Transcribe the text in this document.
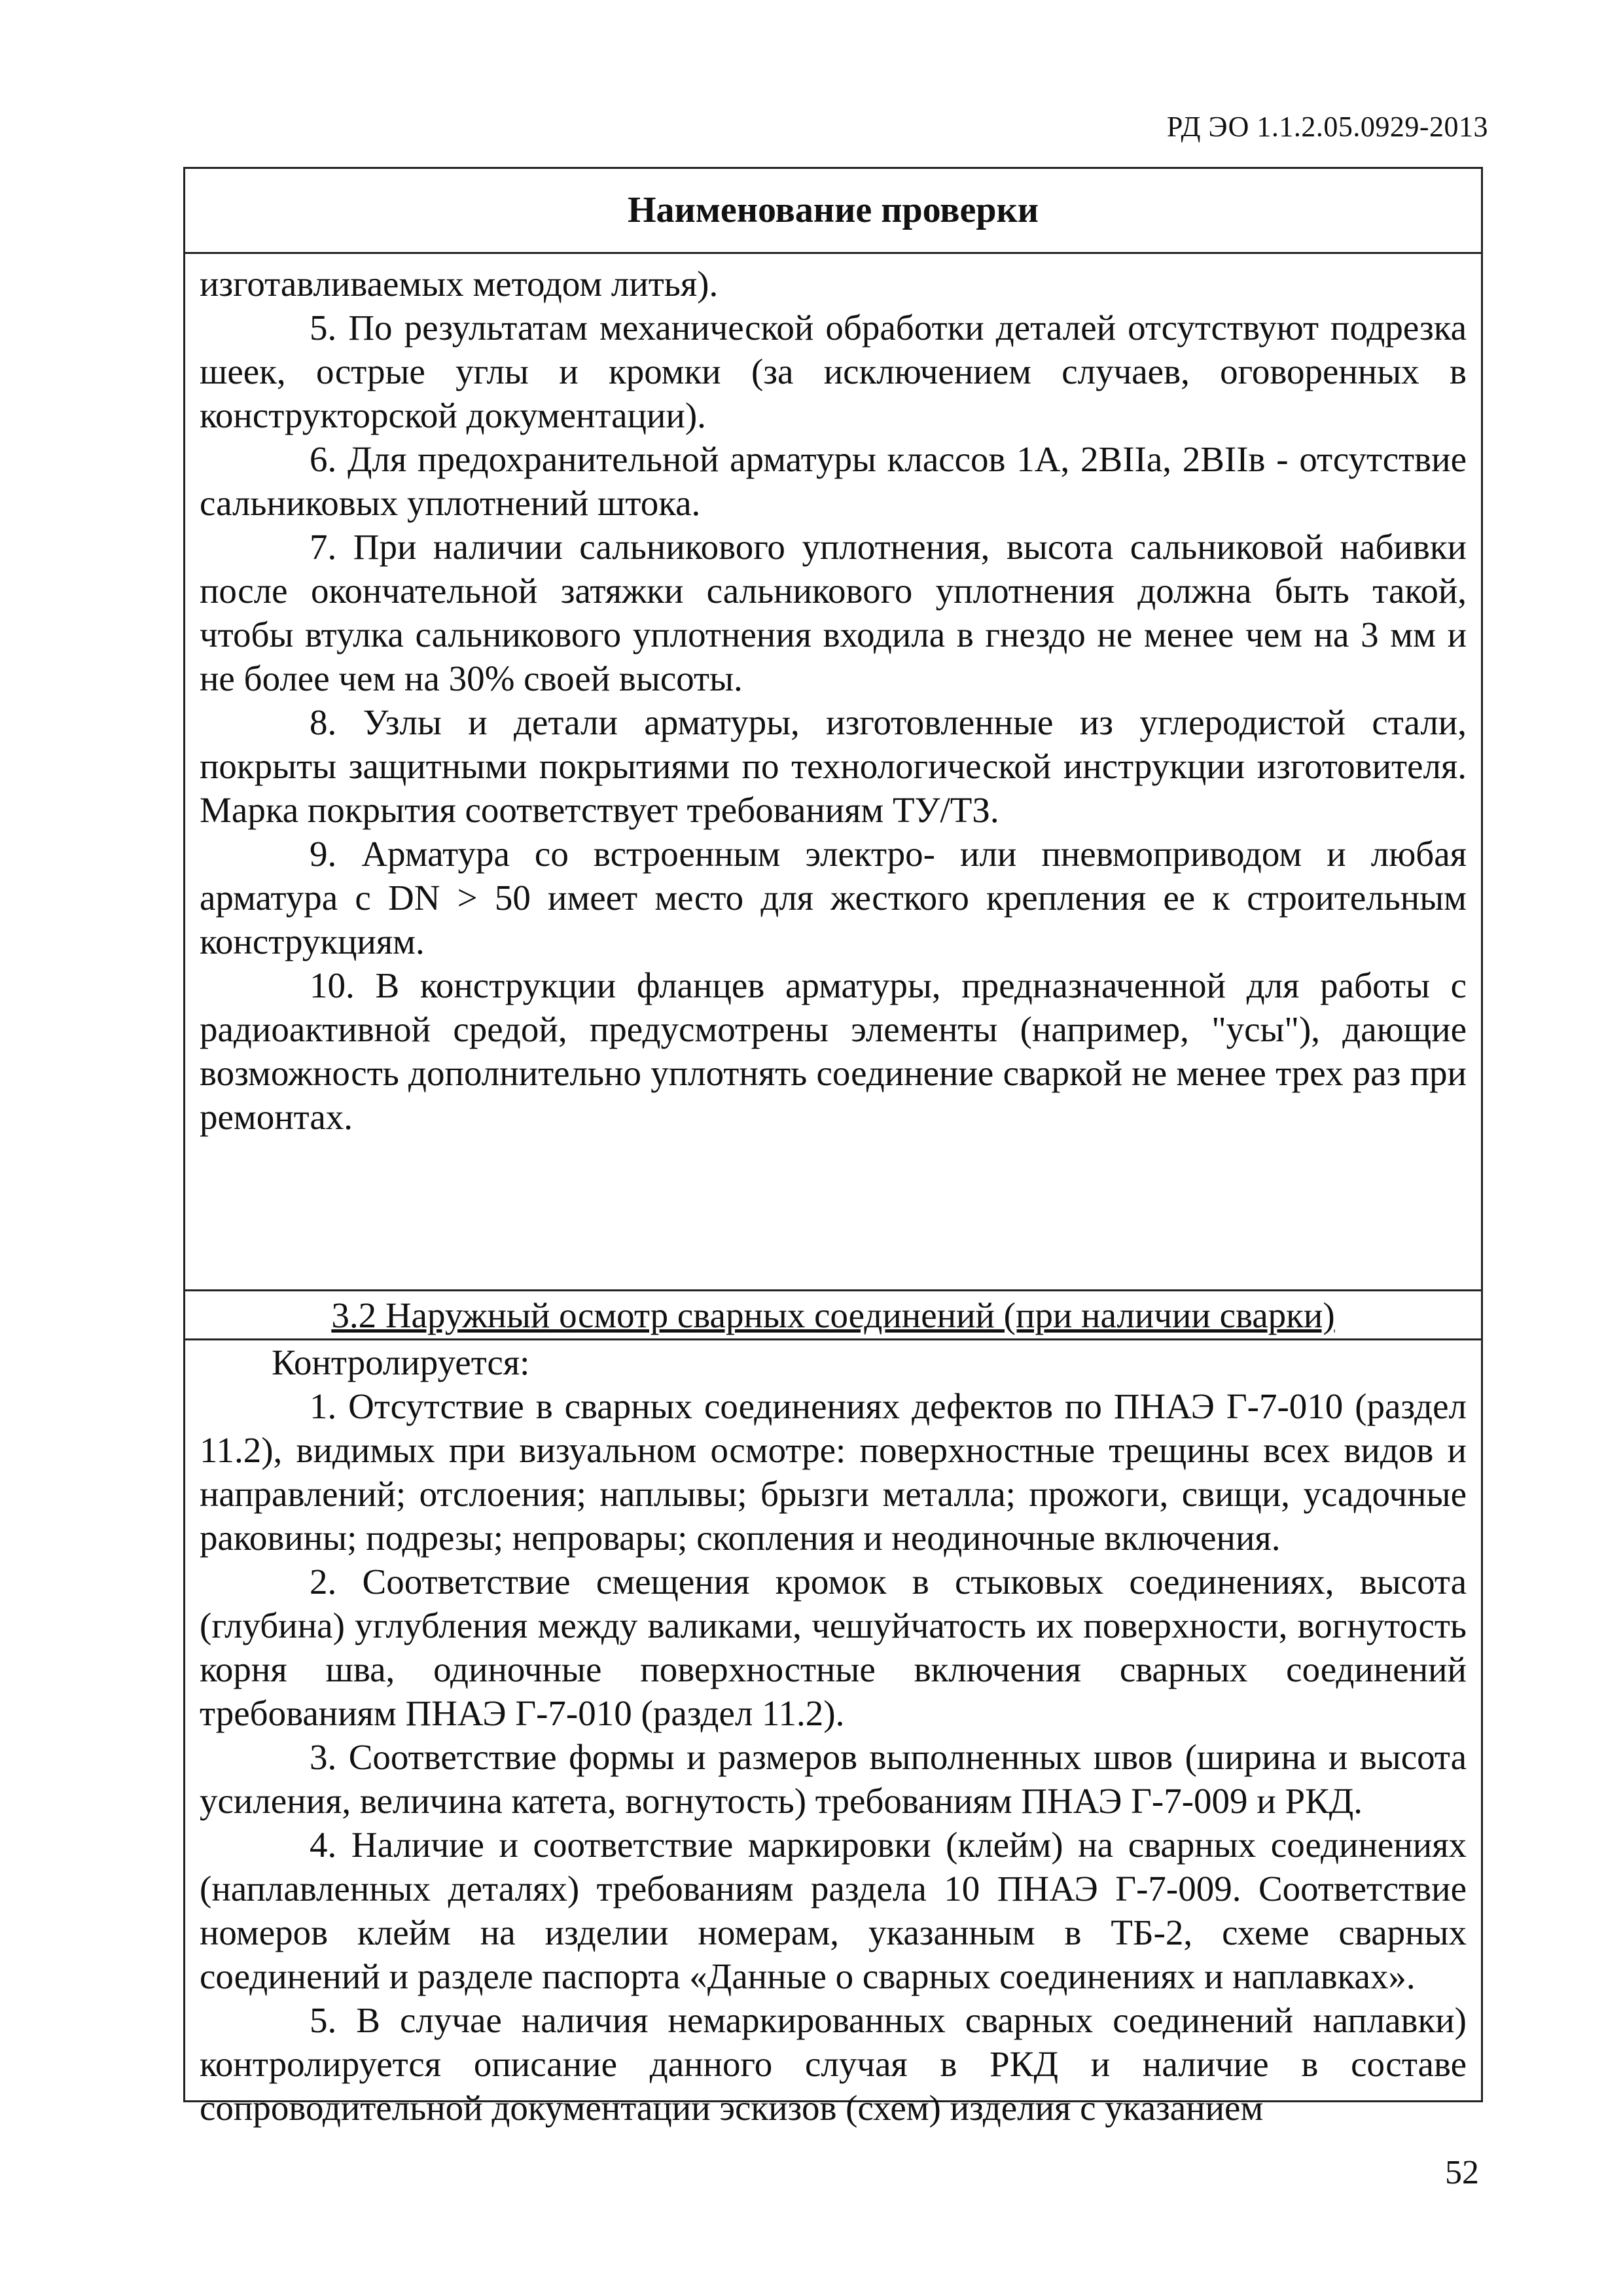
РД ЭО 1.1.2.05.0929-2013
Наименование проверки

изготавливаемых методом литья).

5. По результатам механической обработки деталей отсутствуют подрезка шеек, острые углы и кромки (за исключением случаев, оговоренных в конструкторской документации).

6. Для предохранительной арматуры классов 1А, 2ВIIа, 2ВIIв - отсутствие сальниковых уплотнений штока.

7. При наличии сальникового уплотнения, высота сальниковой набивки после окончательной затяжки сальникового уплотнения должна быть такой, чтобы втулка сальникового уплотнения входила в гнездо не менее чем на 3 мм и не более чем на 30% своей высоты.

8. Узлы и детали арматуры, изготовленные из углеродистой стали, покрыты защитными покрытиями по технологической инструкции изготовителя. Марка покрытия соответствует требованиям ТУ/ТЗ.

9. Арматура со встроенным электро- или пневмоприводом и любая арматура с DN > 50 имеет место для жесткого крепления ее к строительным конструкциям.

10. В конструкции фланцев арматуры, предназначенной для работы с радиоактивной средой, предусмотрены элементы (например, "усы"), дающие возможность дополнительно уплотнять соединение сваркой не менее трех раз при ремонтах.

3.2 Наружный осмотр сварных соединений (при наличии сварки)

Контролируется:

1. Отсутствие в сварных соединениях дефектов по ПНАЭ Г-7-010 (раздел 11.2), видимых при визуальном осмотре: поверхностные трещины всех видов и направлений; отслоения; наплывы; брызги металла; прожоги, свищи, усадочные раковины; подрезы; непровары; скопления и неодиночные включения.

2. Соответствие смещения кромок в стыковых соединениях, высота (глубина) углубления между валиками, чешуйчатость их поверхности, вогнутость корня шва, одиночные поверхностные включения сварных соединений требованиям ПНАЭ Г-7-010 (раздел 11.2).

3. Соответствие формы и размеров выполненных швов (ширина и высота усиления, величина катета, вогнутость) требованиям ПНАЭ Г-7-009 и РКД.

4. Наличие и соответствие маркировки (клейм) на сварных соединениях (наплавленных деталях) требованиям раздела 10 ПНАЭ Г-7-009. Соответствие номеров клейм на изделии номерам, указанным в ТБ-2, схеме сварных соединений и разделе паспорта «Данные о сварных соединениях и наплавках».

5. В случае наличия немаркированных сварных соединений наплавки) контролируется описание данного случая в РКД и наличие в составе сопроводительной документации эскизов (схем) изделия с указанием

52
